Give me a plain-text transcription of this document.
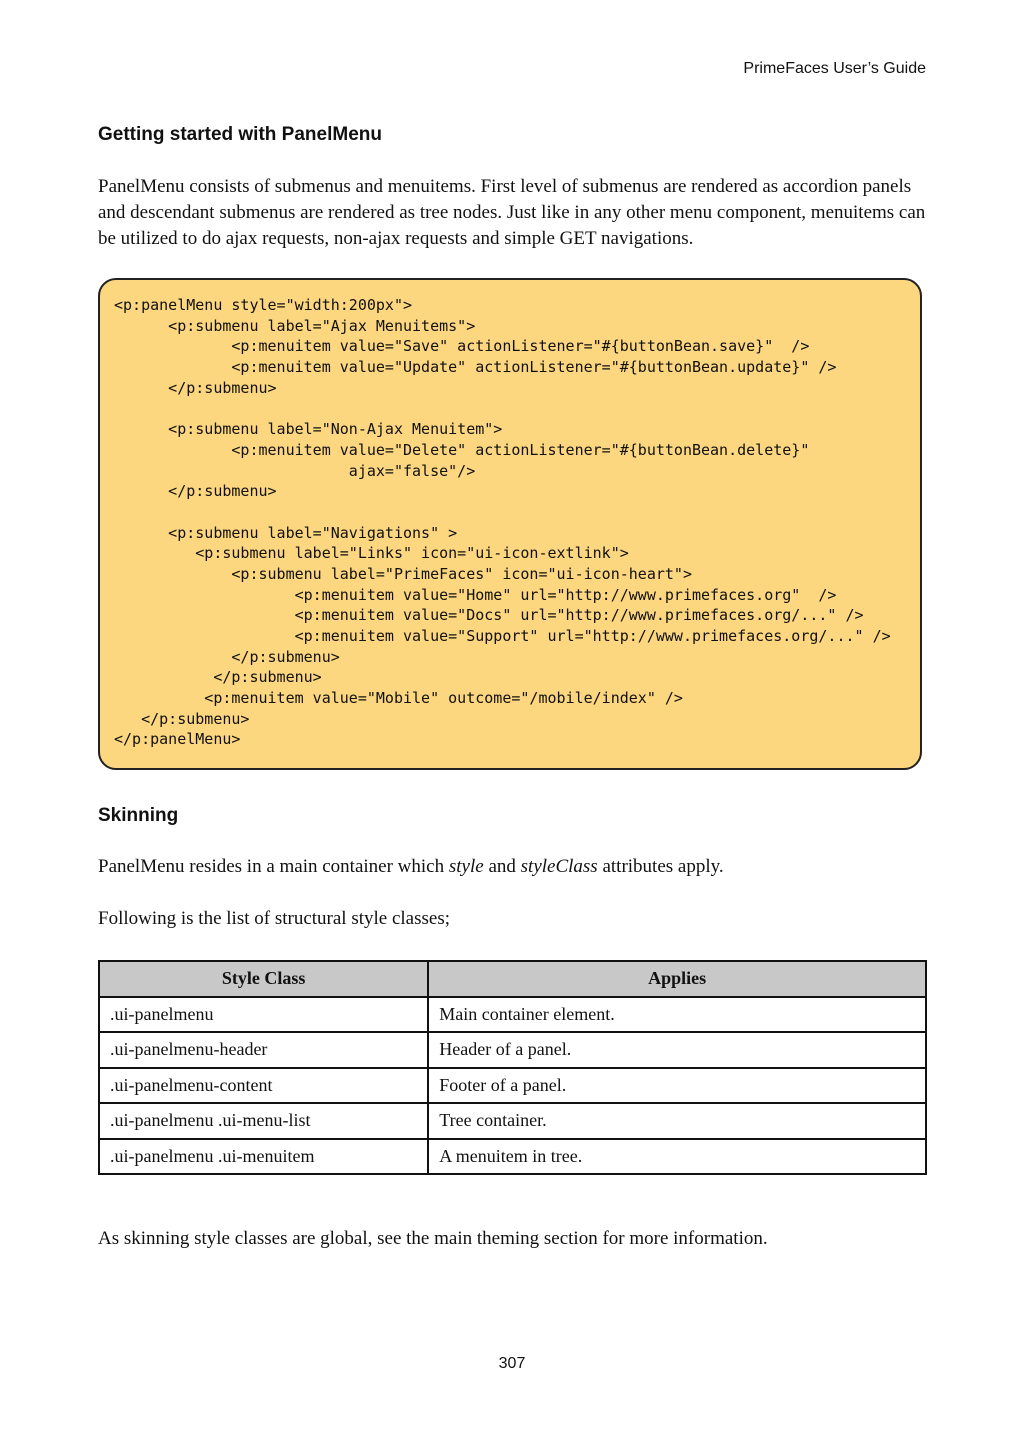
PrimeFaces User’s Guide
Getting started with PanelMenu

PanelMenu consists of submenus and menuitems. First level of submenus are rendered as accordion panels and descendant submenus are rendered as tree nodes. Just like in any other menu component, menuitems can be utilized to do ajax requests, non-ajax requests and simple GET navigations.

<p:panelMenu style="width:200px">
<p:submenu label="Ajax Menuitems">
<p:menuitem value="Save" actionListener="#{buttonBean.save}"  />
<p:menuitem value="Update" actionListener="#{buttonBean.update}" />
</p:submenu>
<p:submenu label="Non-Ajax Menuitem">
<p:menuitem value="Delete" actionListener="#{buttonBean.delete}"
ajax="false"/>
</p:submenu>
<p:submenu label="Navigations" >
<p:submenu label="Links" icon="ui-icon-extlink">
<p:submenu label="PrimeFaces" icon="ui-icon-heart">
<p:menuitem value="Home" url="http://www.primefaces.org"  />
<p:menuitem value="Docs" url="http://www.primefaces.org/..." />
<p:menuitem value="Support" url="http://www.primefaces.org/..." />
</p:submenu>
</p:submenu>
<p:menuitem value="Mobile" outcome="/mobile/index" />
</p:submenu>
</p:panelMenu>
Skinning

PanelMenu resides in a main container which style and styleClass attributes apply.

Following is the list of structural style classes;

Style Class	Applies
.ui-panelmenu	Main container element.
.ui-panelmenu-header	Header of a panel.
.ui-panelmenu-content	Footer of a panel.
.ui-panelmenu .ui-menu-list	Tree container.
.ui-panelmenu .ui-menuitem	A menuitem in tree.

As skinning style classes are global, see the main theming section for more information.

307
